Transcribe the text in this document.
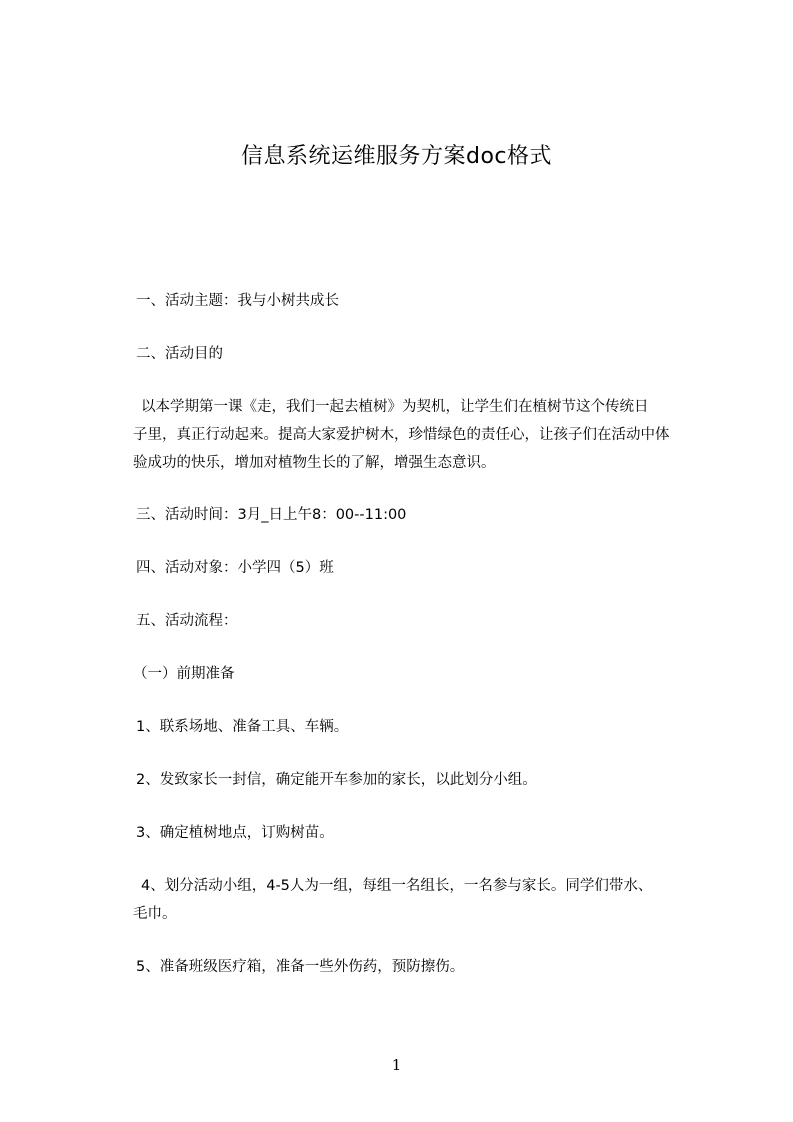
信息系统运维服务方案doc格式
一、活动主题：我与小树共成长
二、活动目的
以本学期第一课《走，我们一起去植树》为契机，让学生们在植树节这个传统日
子里，真正行动起来。提高大家爱护树木，珍惜绿色的责任心，让孩子们在活动中体
验成功的快乐，增加对植物生长的了解，增强生态意识。
三、活动时间：3月_日上午8：00--11:00
四、活动对象：小学四（5）班
五、活动流程：
（一）前期准备
1、联系场地、准备工具、车辆。
2、发致家长一封信，确定能开车参加的家长，以此划分小组。
3、确定植树地点，订购树苗。
4、划分活动小组，4-5人为一组，每组一名组长，一名参与家长。同学们带水、
毛巾。
5、准备班级医疗箱，准备一些外伤药，预防擦伤。
1
